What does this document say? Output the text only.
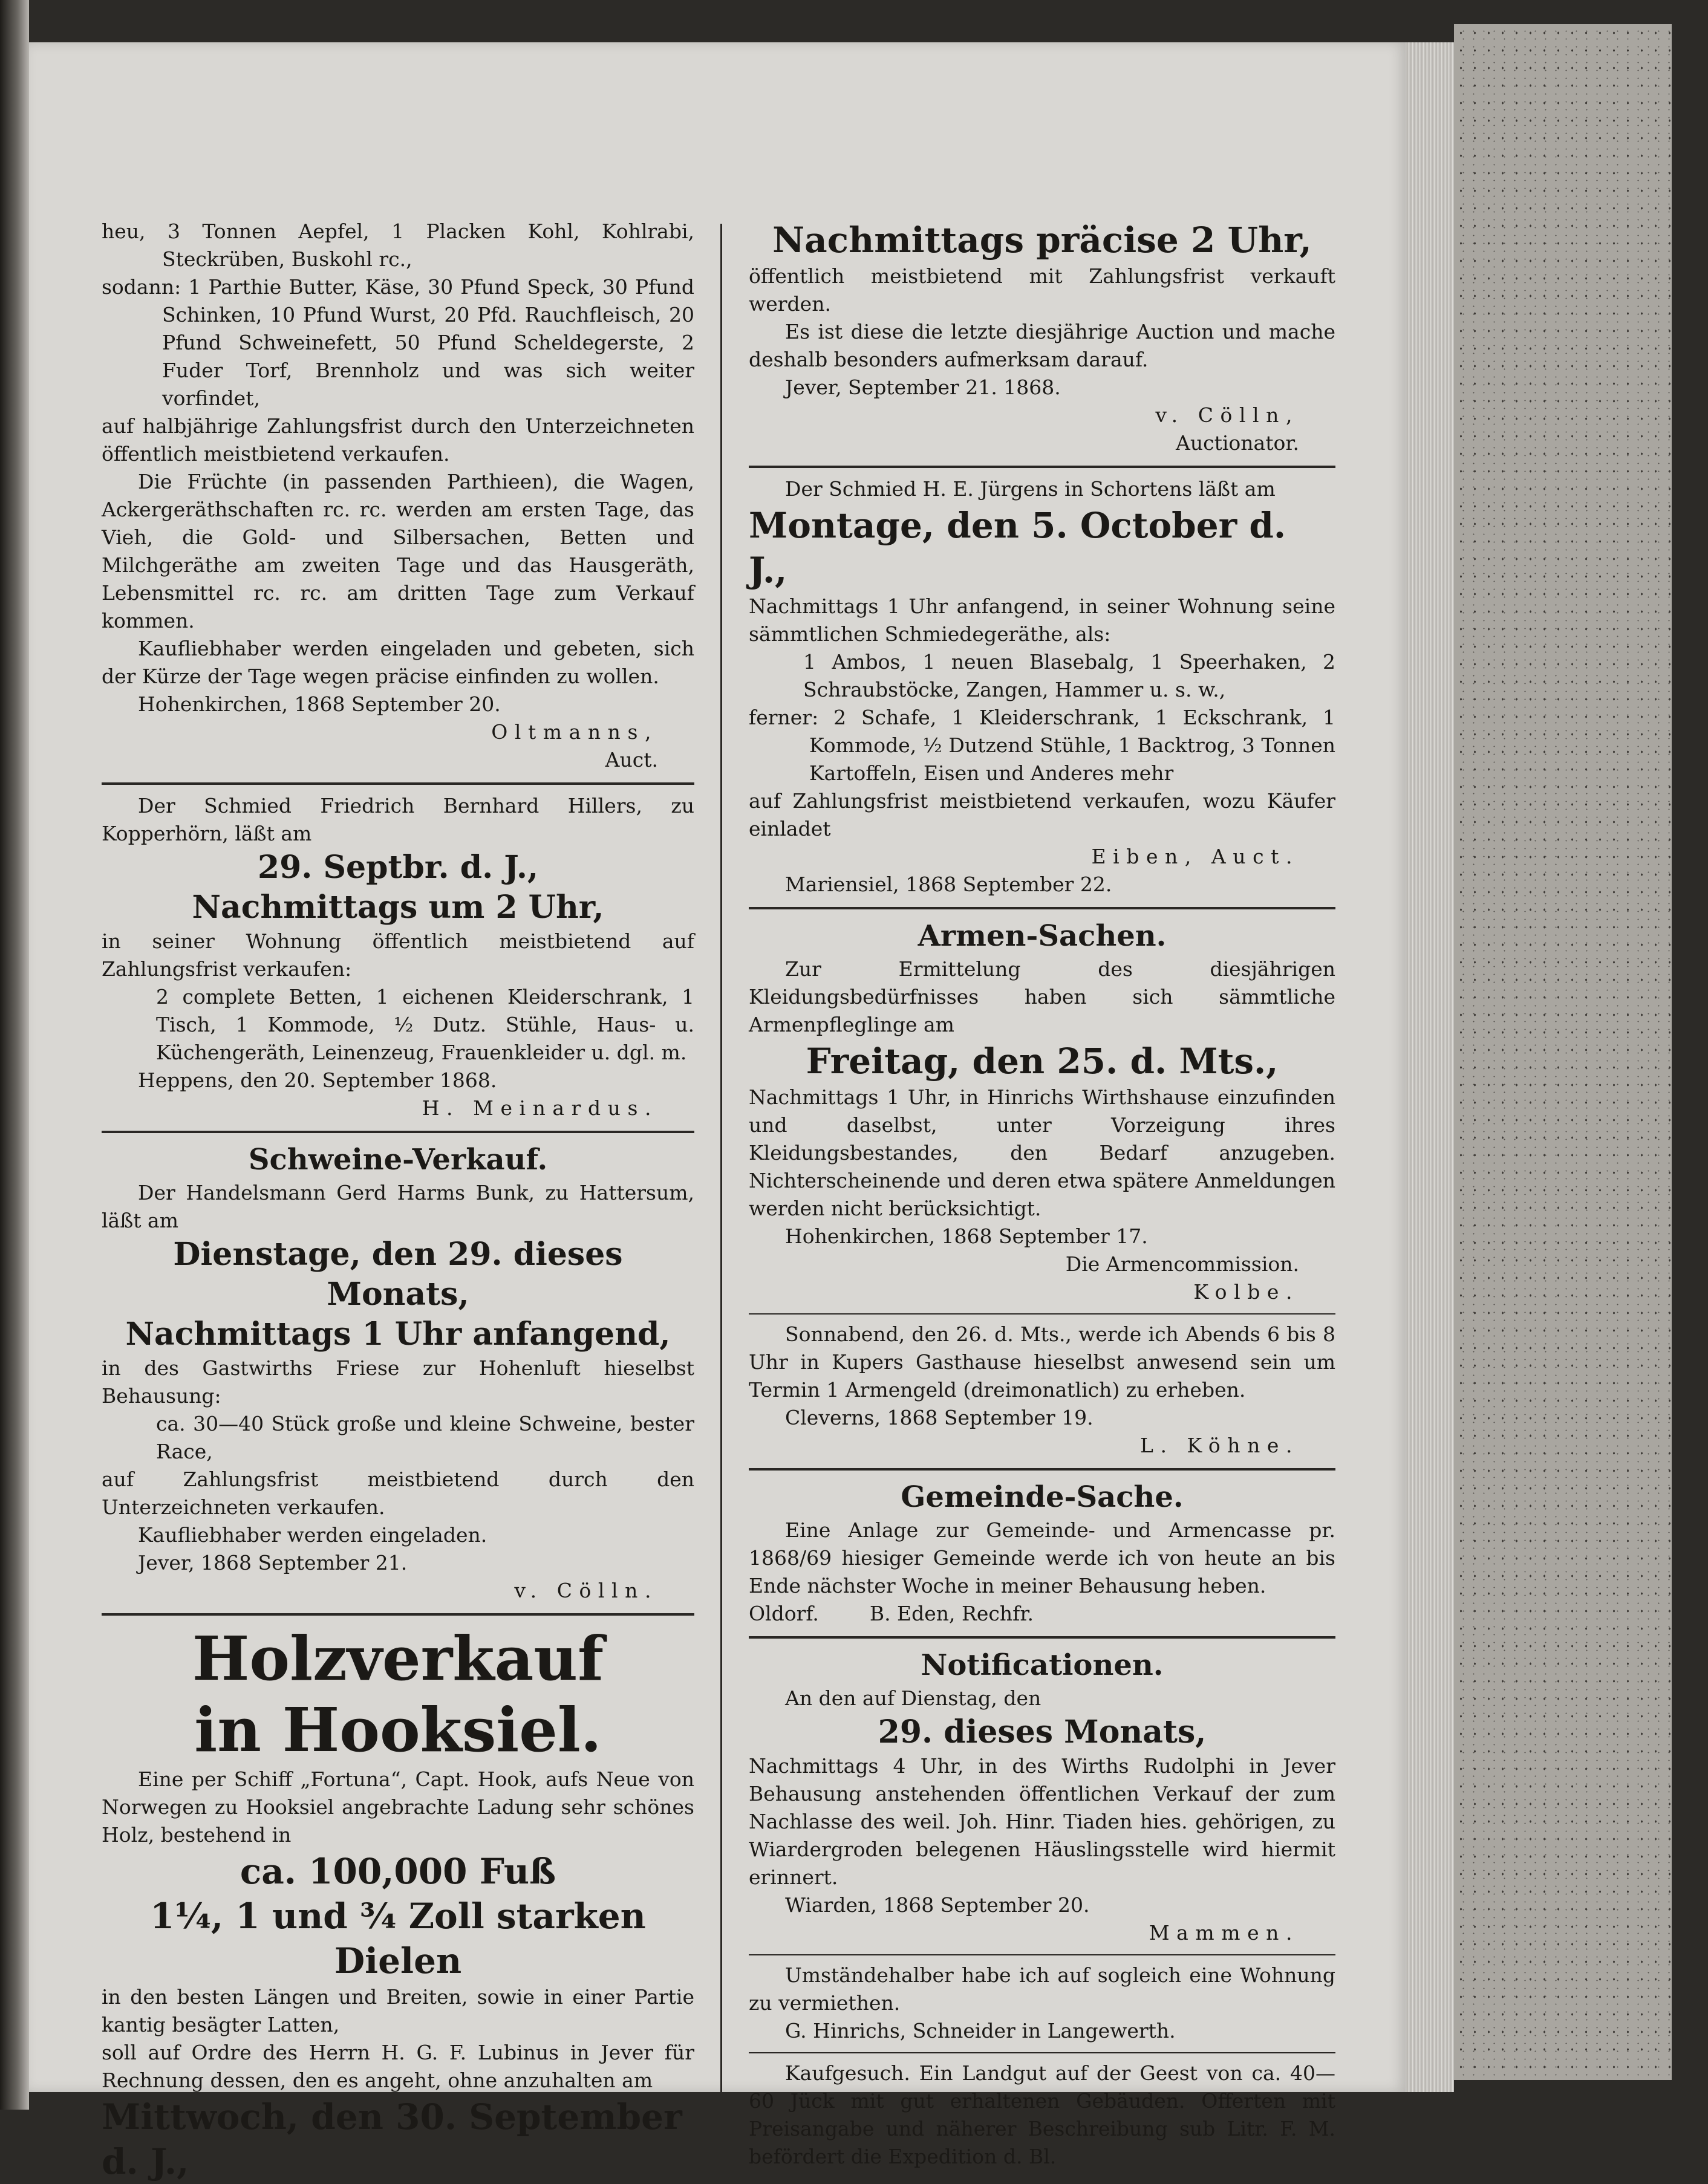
heu, 3 Tonnen Aepfel, 1 Placken Kohl, Kohlrabi, Steckrüben, Buskohl rc.,

sodann: 1 Parthie Butter, Käse, 30 Pfund Speck, 30 Pfund Schinken, 10 Pfund Wurst, 20 Pfd. Rauchfleisch, 20 Pfund Schweinefett, 50 Pfund Scheldegerste, 2 Fuder Torf, Brennholz und was sich weiter vorfindet,

auf halbjährige Zahlungsfrist durch den Unterzeichneten öffentlich meistbietend verkaufen.

Die Früchte (in passenden Parthieen), die Wagen, Ackergeräthschaften rc. rc. werden am ersten Tage, das Vieh, die Gold- und Silbersachen, Betten und Milchgeräthe am zweiten Tage und das Hausgeräth, Lebensmittel rc. rc. am dritten Tage zum Verkauf kommen.

Kaufliebhaber werden eingeladen und gebeten, sich der Kürze der Tage wegen präcise einfinden zu wollen.

Hohenkirchen, 1868 September 20.

Oltmanns,

Auct.

Der Schmied Friedrich Bernhard Hillers, zu Kopperhörn, läßt am

29. Septbr. d. J.,

Nachmittags um 2 Uhr,

in seiner Wohnung öffentlich meistbietend auf Zahlungsfrist verkaufen:

2 complete Betten, 1 eichenen Kleiderschrank, 1 Tisch, 1 Kommode, ½ Dutz. Stühle, Haus- u. Küchengeräth, Leinenzeug, Frauenkleider u. dgl. m.

Heppens, den 20. September 1868.

H. Meinardus.

Schweine-Verkauf.

Der Handelsmann Gerd Harms Bunk, zu Hattersum, läßt am

Dienstage, den 29. dieses Monats,

Nachmittags 1 Uhr anfangend,

in des Gastwirths Friese zur Hohenluft hieselbst Behausung:

ca. 30—40 Stück große und kleine Schweine, bester Race,

auf Zahlungsfrist meistbietend durch den Unterzeichneten verkaufen.

Kaufliebhaber werden eingeladen.

Jever, 1868 September 21.

v. Cölln.

Holzverkauf

in Hooksiel.

Eine per Schiff „Fortuna“, Capt. Hook, aufs Neue von Norwegen zu Hooksiel angebrachte Ladung sehr schönes Holz, bestehend in

ca. 100,000 Fuß

1¼, 1 und ¾ Zoll starken Dielen

in den besten Längen und Breiten, sowie in einer Partie kantig besägter Latten,

soll auf Ordre des Herrn H. G. F. Lubinus in Jever für Rechnung dessen, den es angeht, ohne anzuhalten am

Mittwoch, den 30. September d. J.,

Nachmittags präcise 2 Uhr,

öffentlich meistbietend mit Zahlungsfrist verkauft werden.

Es ist diese die letzte diesjährige Auction und mache deshalb besonders aufmerksam darauf.

Jever, September 21. 1868.

v. Cölln,

Auctionator.

Der Schmied H. E. Jürgens in Schortens läßt am

Montage, den 5. October d. J.,

Nachmittags 1 Uhr anfangend, in seiner Wohnung seine sämmtlichen Schmiedegeräthe, als:

1 Ambos, 1 neuen Blasebalg, 1 Speerhaken, 2 Schraubstöcke, Zangen, Hammer u. s. w.,

ferner: 2 Schafe, 1 Kleiderschrank, 1 Eckschrank, 1 Kommode, ½ Dutzend Stühle, 1 Backtrog, 3 Tonnen Kartoffeln, Eisen und Anderes mehr

auf Zahlungsfrist meistbietend verkaufen, wozu Käufer einladet

Eiben, Auct.

Mariensiel, 1868 September 22.

Armen-Sachen.

Zur Ermittelung des diesjährigen Kleidungsbedürfnisses haben sich sämmtliche Armenpfleglinge am

Freitag, den 25. d. Mts.,

Nachmittags 1 Uhr, in Hinrichs Wirthshause einzufinden und daselbst, unter Vorzeigung ihres Kleidungsbestandes, den Bedarf anzugeben. Nichterscheinende und deren etwa spätere Anmeldungen werden nicht berücksichtigt.

Hohenkirchen, 1868 September 17.

Die Armencommission.

Kolbe.

Sonnabend, den 26. d. Mts., werde ich Abends 6 bis 8 Uhr in Kupers Gasthause hieselbst anwesend sein um Termin 1 Armengeld (dreimonatlich) zu erheben.

Cleverns, 1868 September 19.

L. Köhne.

Gemeinde-Sache.

Eine Anlage zur Gemeinde- und Armencasse pr. 1868/69 hiesiger Gemeinde werde ich von heute an bis Ende nächster Woche in meiner Behausung heben.

Oldorf.        B. Eden, Rechfr.

Notificationen.

An den auf Dienstag, den

29. dieses Monats,

Nachmittags 4 Uhr, in des Wirths Rudolphi in Jever Behausung anstehenden öffentlichen Verkauf der zum Nachlasse des weil. Joh. Hinr. Tiaden hies. gehörigen, zu Wiardergroden belegenen Häuslingsstelle wird hiermit erinnert.

Wiarden, 1868 September 20.

Mammen.

Umständehalber habe ich auf sogleich eine Wohnung zu vermiethen.

G. Hinrichs, Schneider in Langewerth.

Kaufgesuch. Ein Landgut auf der Geest von ca. 40—60 Jück mit gut erhaltenen Gebäuden. Offerten mit Preisangabe und näherer Beschreibung sub Litr. F. M. befördert die Expedition d. Bl.
